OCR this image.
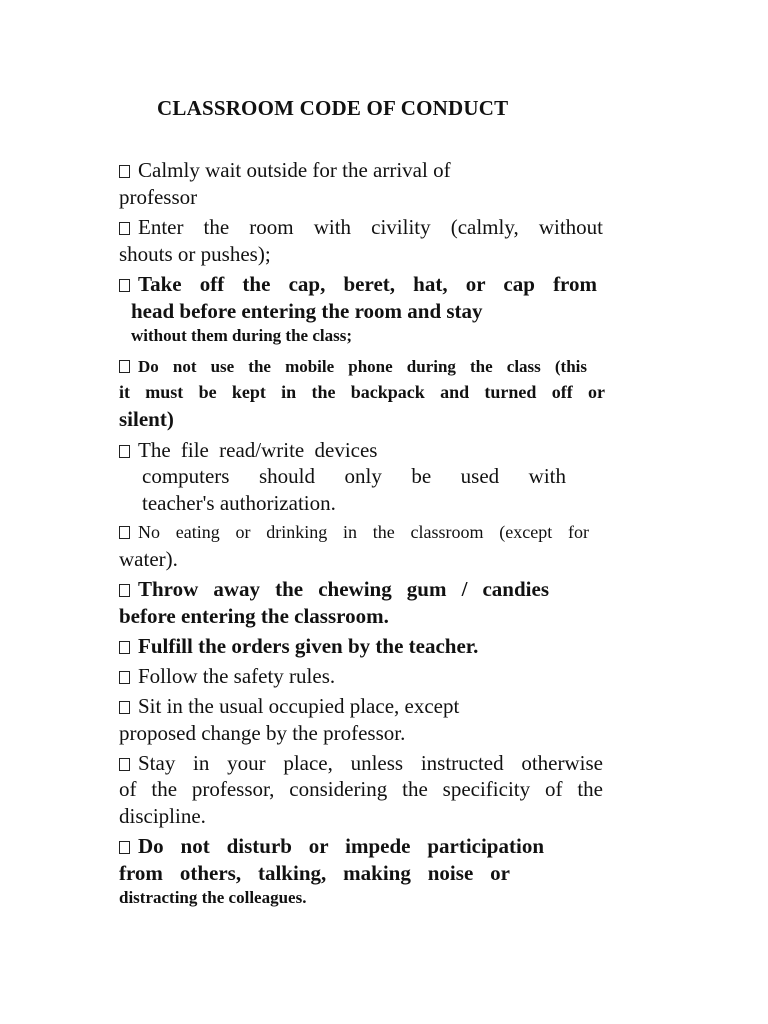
CLASSROOM CODE OF CONDUCT
Calmly wait outside for the arrival of
professor
Enter the room with civility (calmly, without
shouts or pushes);
Take off the cap, beret, hat, or cap from
head before entering the room and stay
without them during the class;
Do not use the mobile phone during the class (this
it must be kept in the backpack and turned off or
silent)
The file read/write devices
computers should only be used with
teacher's authorization.
No eating or drinking in the classroom (except for
water).
Throw away the chewing gum / candies
before entering the classroom.
Fulfill the orders given by the teacher.
Follow the safety rules.
Sit in the usual occupied place, except
proposed change by the professor.
Stay in your place, unless instructed otherwise
of the professor, considering the specificity of the
discipline.
Do not disturb or impede participation
from others, talking, making noise or
distracting the colleagues.
